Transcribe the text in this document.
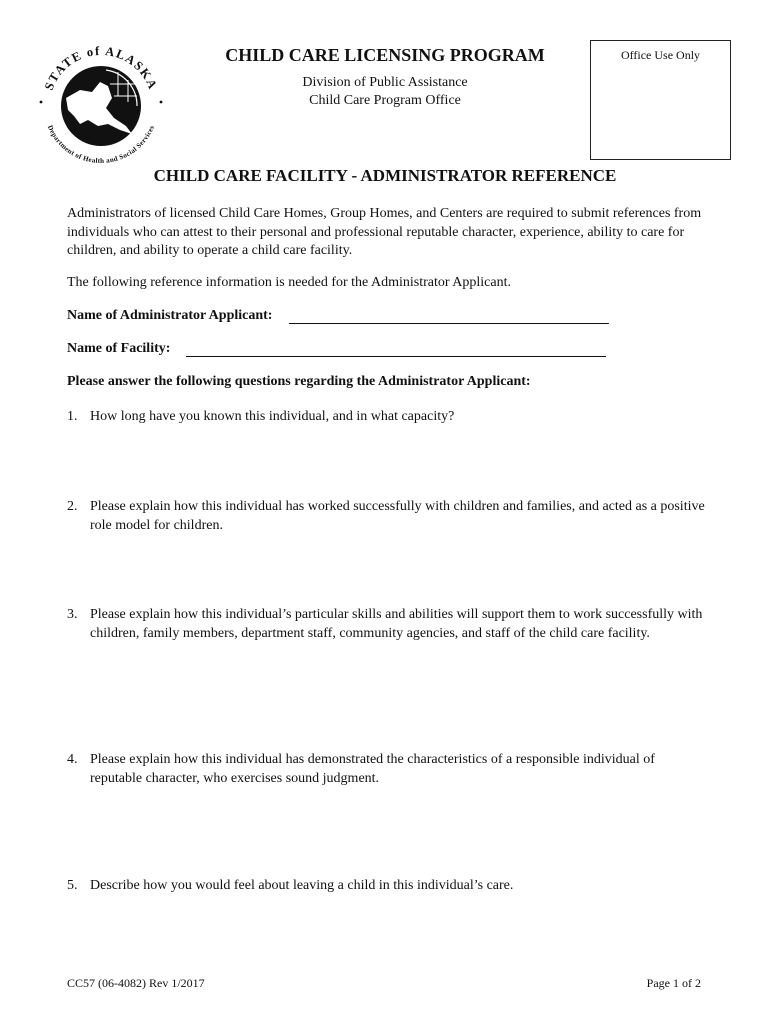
STATE of ALASKA
Department of Health and Social Services
CHILD CARE LICENSING PROGRAM
Division of Public Assistance
Child Care Program Office
Office Use Only
CHILD CARE FACILITY - ADMINISTRATOR REFERENCE
Administrators of licensed Child Care Homes, Group Homes, and Centers are required to submit references from individuals who can attest to their personal and professional reputable character, experience, ability to care for children, and ability to operate a child care facility.
The following reference information is needed for the Administrator Applicant.
Name of Administrator Applicant:
Name of Facility:
Please answer the following questions regarding the Administrator Applicant:
1. How long have you known this individual, and in what capacity?
2. Please explain how this individual has worked successfully with children and families, and acted as a positive role model for children.
3. Please explain how this individual’s particular skills and abilities will support them to work successfully with children, family members, department staff, community agencies, and staff of the child care facility.
4. Please explain how this individual has demonstrated the characteristics of a responsible individual of reputable character, who exercises sound judgment.
5. Describe how you would feel about leaving a child in this individual’s care.
CC57 (06-4082) Rev 1/2017	Page 1 of 2
